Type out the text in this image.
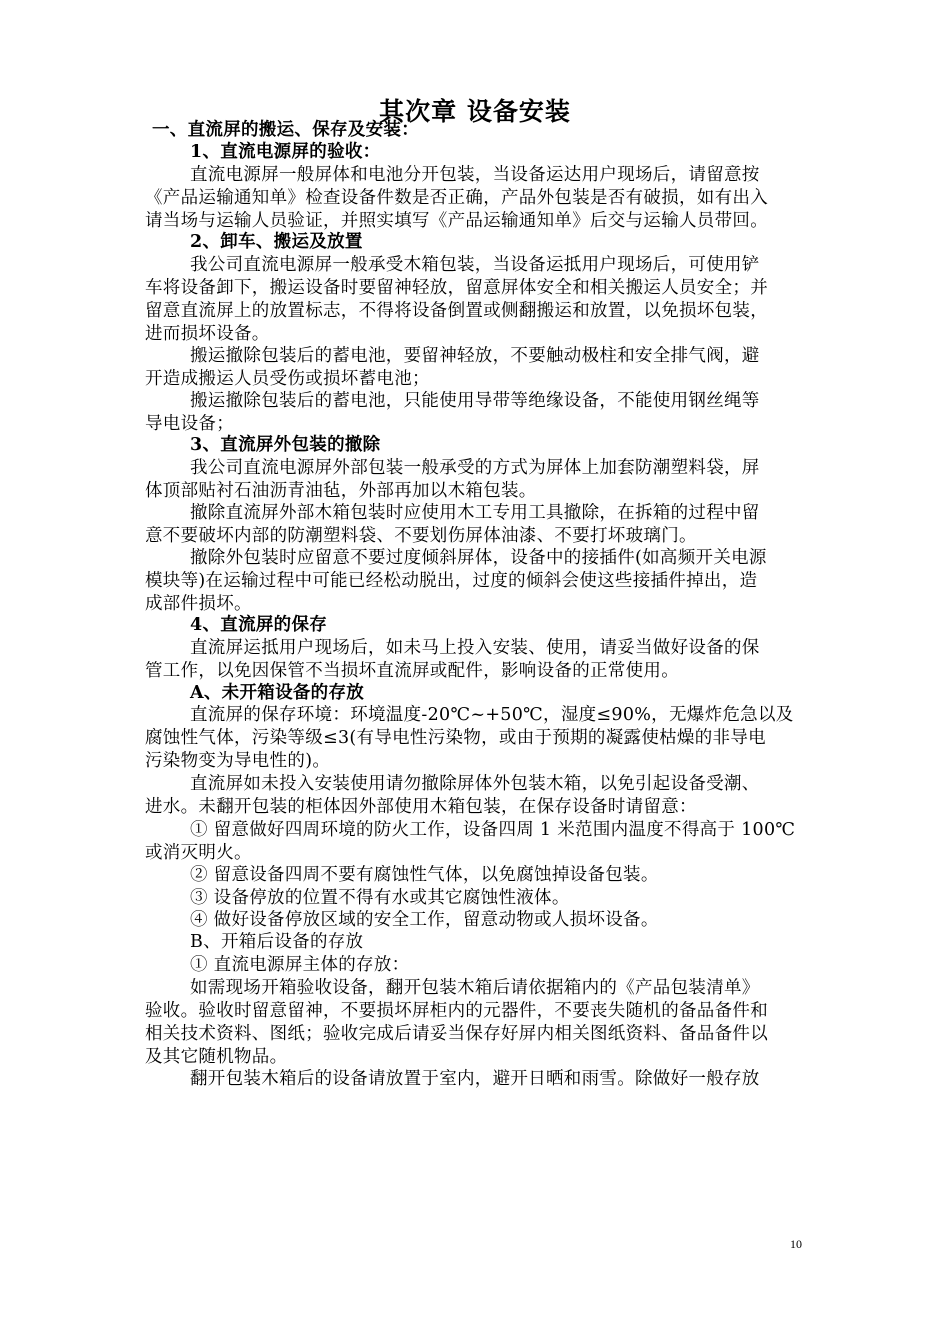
其次章 设备安装
一、直流屏的搬运、保存及安装：
1、直流电源屏的验收：
直流电源屏一般屏体和电池分开包装，当设备运达用户现场后，请留意按
《产品运输通知单》检查设备件数是否正确，产品外包装是否有破损，如有出入
请当场与运输人员验证，并照实填写《产品运输通知单》后交与运输人员带回。
2、卸车、搬运及放置
我公司直流电源屏一般承受木箱包装，当设备运抵用户现场后，可使用铲
车将设备卸下，搬运设备时要留神轻放，留意屏体安全和相关搬运人员安全；并
留意直流屏上的放置标志，不得将设备倒置或侧翻搬运和放置，以免损坏包装，
进而损坏设备。
搬运撤除包装后的蓄电池，要留神轻放，不要触动极柱和安全排气阀，避
开造成搬运人员受伤或损坏蓄电池；
搬运撤除包装后的蓄电池，只能使用导带等绝缘设备，不能使用钢丝绳等
导电设备；
3、直流屏外包装的撤除
我公司直流电源屏外部包装一般承受的方式为屏体上加套防潮塑料袋，屏
体顶部贴衬石油沥青油毡，外部再加以木箱包装。
撤除直流屏外部木箱包装时应使用木工专用工具撤除，在拆箱的过程中留
意不要破坏内部的防潮塑料袋、不要划伤屏体油漆、不要打坏玻璃门。
撤除外包装时应留意不要过度倾斜屏体，设备中的接插件(如高频开关电源
模块等)在运输过程中可能已经松动脱出，过度的倾斜会使这些接插件掉出，造
成部件损坏。
4、直流屏的保存
直流屏运抵用户现场后，如未马上投入安装、使用，请妥当做好设备的保
管工作，以免因保管不当损坏直流屏或配件，影响设备的正常使用。
A、未开箱设备的存放
直流屏的保存环境：环境温度-20℃~+50℃，湿度≤90%，无爆炸危急以及
腐蚀性气体，污染等级≤3(有导电性污染物，或由于预期的凝露使枯燥的非导电
污染物变为导电性的)。
直流屏如未投入安装使用请勿撤除屏体外包装木箱，以免引起设备受潮、
进水。未翻开包装的柜体因外部使用木箱包装，在保存设备时请留意：
① 留意做好四周环境的防火工作，设备四周 1 米范围内温度不得高于 100℃
或消灭明火。
② 留意设备四周不要有腐蚀性气体，以免腐蚀掉设备包装。
③ 设备停放的位置不得有水或其它腐蚀性液体。
④ 做好设备停放区域的安全工作，留意动物或人损坏设备。
B、开箱后设备的存放
① 直流电源屏主体的存放：
如需现场开箱验收设备，翻开包装木箱后请依据箱内的《产品包装清单》
验收。验收时留意留神，不要损坏屏柜内的元器件，不要丧失随机的备品备件和
相关技术资料、图纸；验收完成后请妥当保存好屏内相关图纸资料、备品备件以
及其它随机物品。
翻开包装木箱后的设备请放置于室内，避开日晒和雨雪。除做好一般存放
10
